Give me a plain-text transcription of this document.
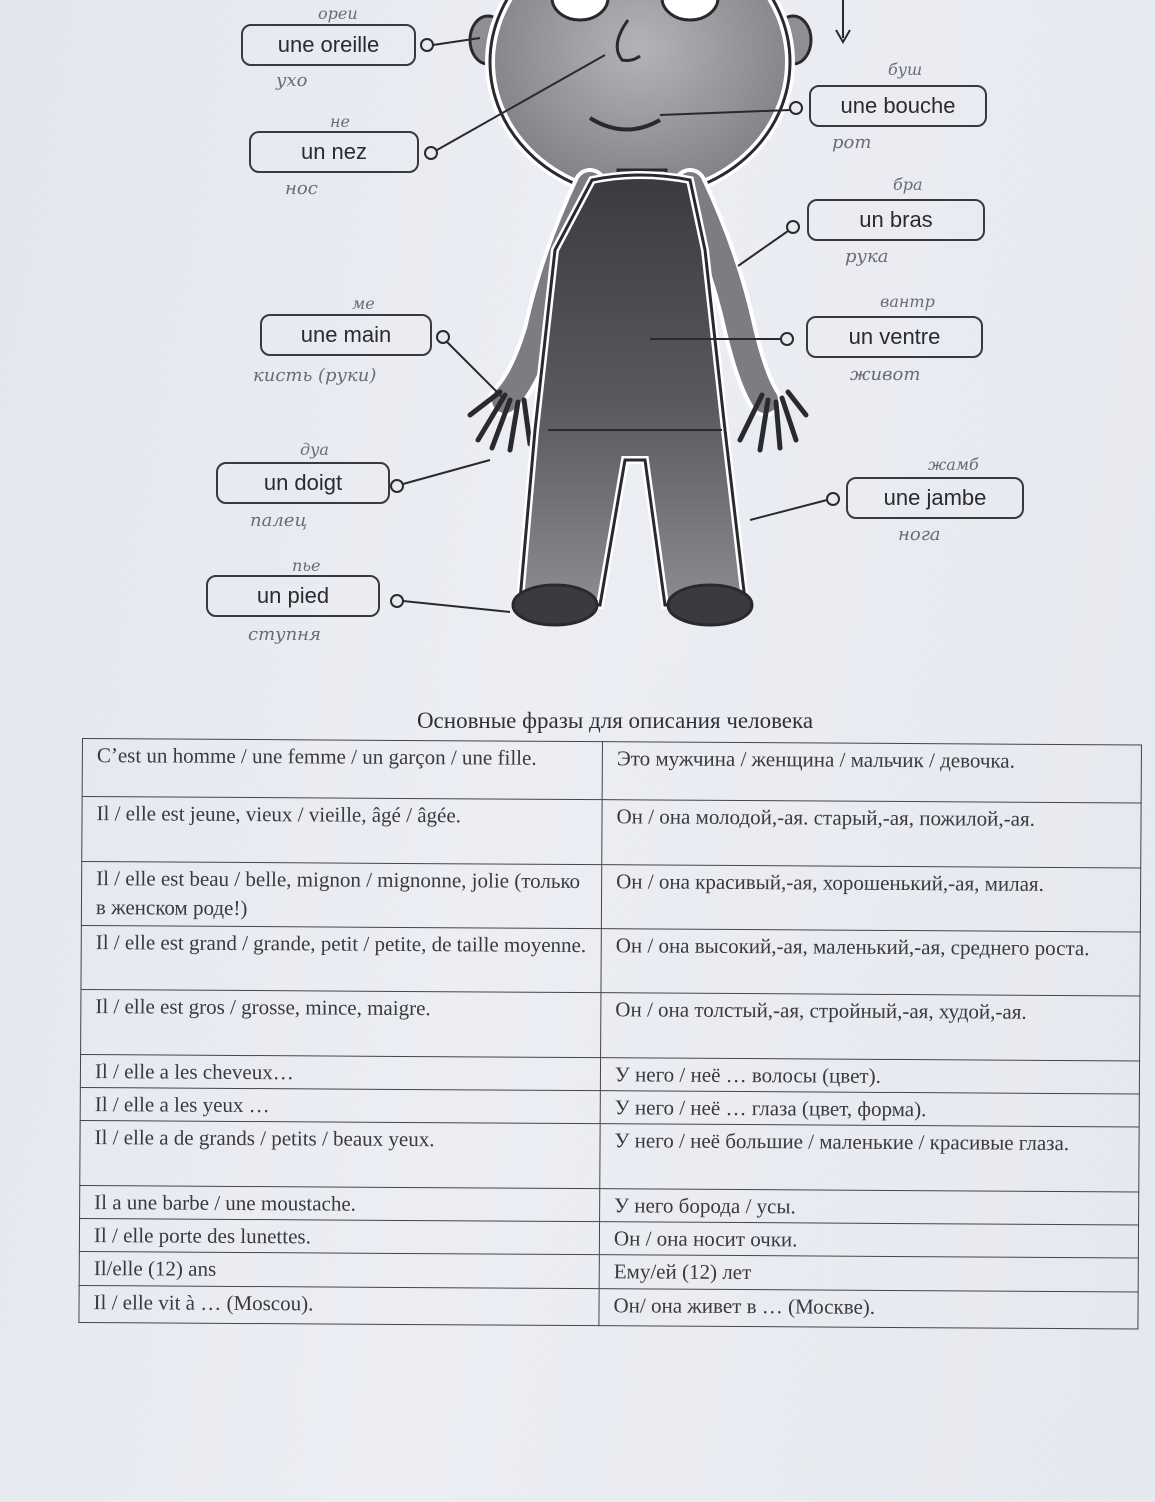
une oreille
ореи
ухо
un nez
не
нос
une main
ме
кисть (руки)
un doigt
дуа
палец
un pied
пье
ступня
une bouche
буш
рот
un bras
бра
рука
un ventre
вантр
живот
une jambe
жамб
нога
Основные фразы для описания человека
C’est un homme / une femme / un garçon / une fille.	Это мужчина / женщина / мальчик / девочка.
Il / elle est jeune, vieux / vieille, âgé / âgée.	Он / она молодой,-ая. старый,-ая, пожилой,-ая.
Il / elle est beau / belle, mignon / mignonne, jolie (только в женском роде!)	Он / она красивый,-ая, хорошенький,-ая, милая.
Il / elle est grand / grande, petit / petite, de taille moyenne.	Он / она высокий,-ая, маленький,-ая, среднего роста.
Il / elle est gros / grosse, mince, maigre.	Он / она толстый,-ая, стройный,-ая, худой,-ая.
Il / elle a les cheveux…	У него / неё … волосы (цвет).
Il / elle a les yeux …	У него / неё … глаза (цвет, форма).
Il / elle a de grands / petits / beaux yeux.	У него / неё большие / маленькие / красивые глаза.
Il a une barbe / une moustache.	У него борода / усы.
Il / elle porte des lunettes.	Он / она носит очки.
Il/elle (12) ans	Ему/ей (12) лет
Il / elle vit à … (Moscou).	Он/ она живет в … (Москве).
